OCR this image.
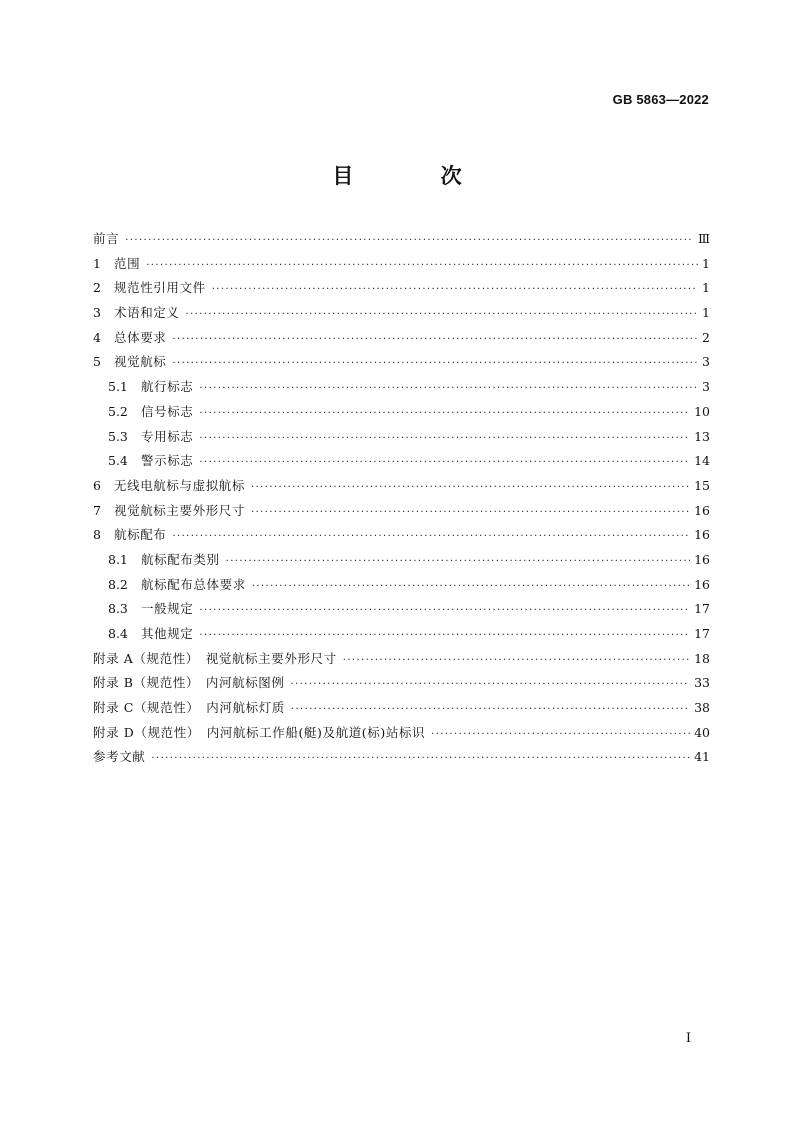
GB 5863—2022
目 次
前言 ·····	Ⅲ
1	范围 ·····	1
2	规范性引用文件 ·····	1
3	术语和定义 ·····	1
4	总体要求 ·····	2
5	视觉航标 ·····	3
5.1	航行标志 ·····	3
5.2	信号标志 ·····	10
5.3	专用标志 ·····	13
5.4	警示标志 ·····	14
6	无线电航标与虚拟航标 ·····	15
7	视觉航标主要外形尺寸 ·····	16
8	航标配布 ·····	16
8.1	航标配布类别 ·····	16
8.2	航标配布总体要求 ·····	16
8.3	一般规定 ·····	17
8.4	其他规定 ·····	17
附录 A（规范性）　视觉航标主要外形尺寸 ·····	18
附录 B（规范性）　内河航标图例 ·····	33
附录 C（规范性）　内河航标灯质 ·····	38
附录 D（规范性）　内河航标工作船(艇)及航道(标)站标识 ·····	40
参考文献 ·····	41
I
